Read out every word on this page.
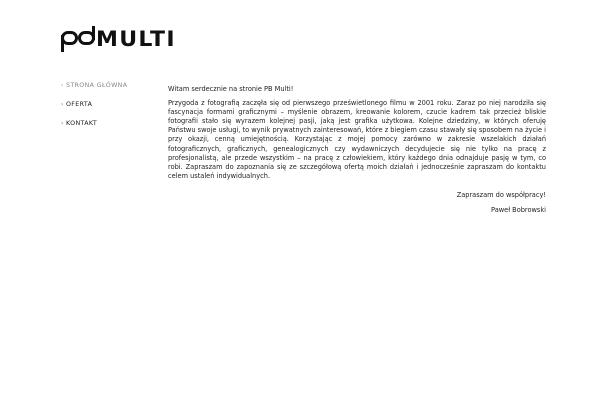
MULTI
› STRONA GŁÓWNA
› OFERTA
› KONTAKT

Witam serdecznie na stronie PB Multi!

Przygoda z fotografią zaczęła się od pierwszego prześwietlonego filmu w 2001 roku. Zaraz po niej narodziła się fascynacja formami graficznymi – myślenie obrazem, kreowanie kolorem, czucie kadrem tak przecież bliskie fotografii stało się wyrazem kolejnej pasji, jaką jest grafika użytkowa. Kolejne dziedziny, w których oferuję Państwu swoje usługi, to wynik prywatnych zainteresowań, które z biegiem czasu stawały się sposobem na życie i przy okazji, cenną umiejętnością. Korzystając z mojej pomocy zarówno w zakresie wszelakich działań fotograficznych, graficznych, genealogicznych czy wydawniczych decydujecie się nie tylko na pracę z profesjonalistą, ale przede wszystkim – na pracę z człowiekiem, który każdego dnia odnajduje pasję w tym, co robi. Zapraszam do zapoznania się ze szczegółową ofertą moich działań i jednocześnie zapraszam do kontaktu celem ustaleń indywidualnych.

Zapraszam do współpracy!

Paweł Bobrowski
